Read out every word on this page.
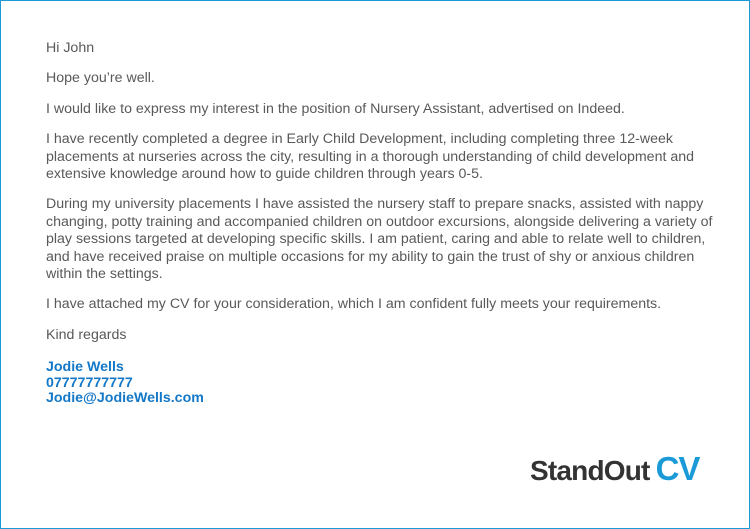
Hi John

Hope you’re well.

I would like to express my interest in the position of Nursery Assistant, advertised on Indeed.

I have recently completed a degree in Early Child Development, including completing three 12-week placements at nurseries across the city, resulting in a thorough understanding of child development and extensive knowledge around how to guide children through years 0-5.

During my university placements I have assisted the nursery staff to prepare snacks, assisted with nappy changing, potty training and accompanied children on outdoor excursions, alongside delivering a variety of play sessions targeted at developing specific skills. I am patient, caring and able to relate well to children, and have received praise on multiple occasions for my ability to gain the trust of shy or anxious children within the settings.

I have attached my CV for your consideration, which I am confident fully meets your requirements.

Kind regards

Jodie Wells
07777777777
Jodie@JodieWells.com
StandOut CV
